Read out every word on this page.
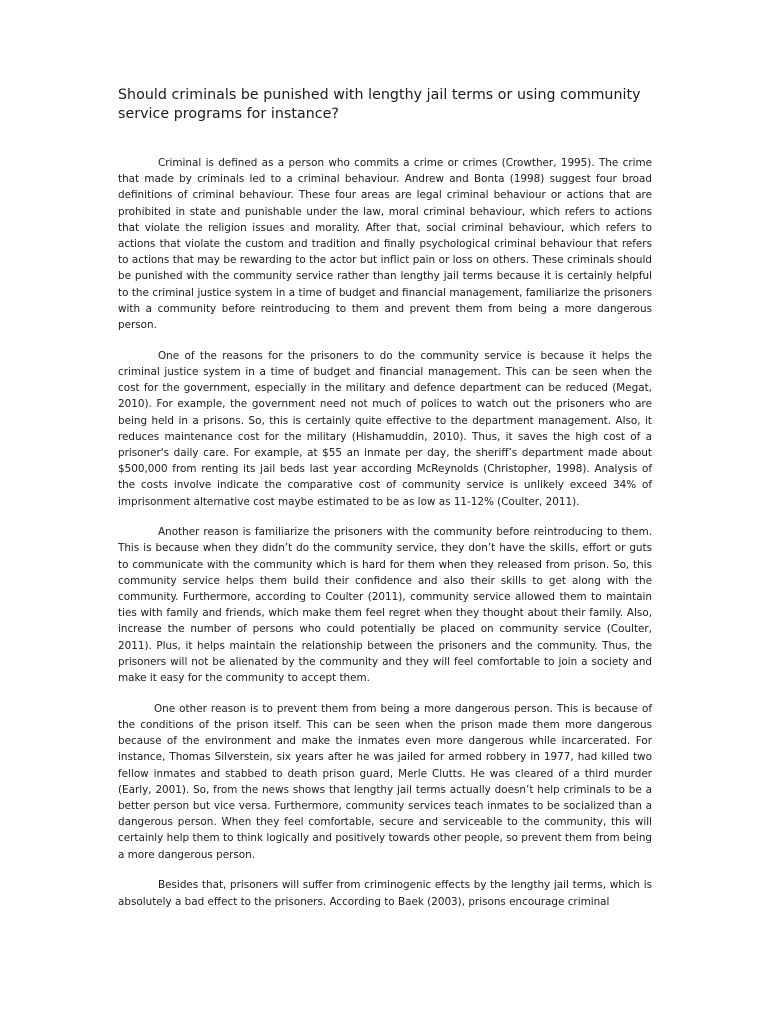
Should criminals be punished with lengthy jail terms or using community service programs for instance?

Criminal is defined as a person who commits a crime or crimes (Crowther, 1995). The crime that made by criminals led to a criminal behaviour. Andrew and Bonta (1998) suggest four broad definitions of criminal behaviour. These four areas are legal criminal behaviour or actions that are prohibited in state and punishable under the law, moral criminal behaviour, which refers to actions that violate the religion issues and morality. After that, social criminal behaviour, which refers to actions that violate the custom and tradition and finally psychological criminal behaviour that refers to actions that may be rewarding to the actor but inflict pain or loss on others. These criminals should be punished with the community service rather than lengthy jail terms because it is certainly helpful to the criminal justice system in a time of budget and financial management, familiarize the prisoners with a community before reintroducing to them and prevent them from being a more dangerous person.

One of the reasons for the prisoners to do the community service is because it helps the criminal justice system in a time of budget and financial management. This can be seen when the cost for the government, especially in the military and defence department can be reduced (Megat, 2010). For example, the government need not much of polices to watch out the prisoners who are being held in a prisons. So, this is certainly quite effective to the department management. Also, it reduces maintenance cost for the military (Hishamuddin, 2010). Thus, it saves the high cost of a prisoner's daily care. For example, at $55 an inmate per day, the sheriff’s department made about $500,000 from renting its jail beds last year according McReynolds (Christopher, 1998). Analysis of the costs involve indicate the comparative cost of community service is unlikely exceed 34% of imprisonment alternative cost maybe estimated to be as low as 11-12% (Coulter, 2011).

Another reason is familiarize the prisoners with the community before reintroducing to them. This is because when they didn’t do the community service, they don’t have the skills, effort or guts to communicate with the community which is hard for them when they released from prison. So, this community service helps them build their confidence and also their skills to get along with the community. Furthermore, according to Coulter (2011), community service allowed them to maintain ties with family and friends, which make them feel regret when they thought about their family. Also, increase the number of persons who could potentially be placed on community service (Coulter, 2011). Plus, it helps maintain the relationship between the prisoners and the community. Thus, the prisoners will not be alienated by the community and they will feel comfortable to join a society and make it easy for the community to accept them.

One other reason is to prevent them from being a more dangerous person. This is because of the conditions of the prison itself. This can be seen when the prison made them more dangerous because of the environment and make the inmates even more dangerous while incarcerated. For instance, Thomas Silverstein, six years after he was jailed for armed robbery in 1977, had killed two fellow inmates and stabbed to death prison guard, Merle Clutts. He was cleared of a third murder (Early, 2001). So, from the news shows that lengthy jail terms actually doesn’t help criminals to be a better person but vice versa. Furthermore, community services teach inmates to be socialized than a dangerous person. When they feel comfortable, secure and serviceable to the community, this will certainly help them to think logically and positively towards other people, so prevent them from being a more dangerous person.

Besides that, prisoners will suffer from criminogenic effects by the lengthy jail terms, which is absolutely a bad effect to the prisoners. According to Baek (2003), prisons encourage criminal
